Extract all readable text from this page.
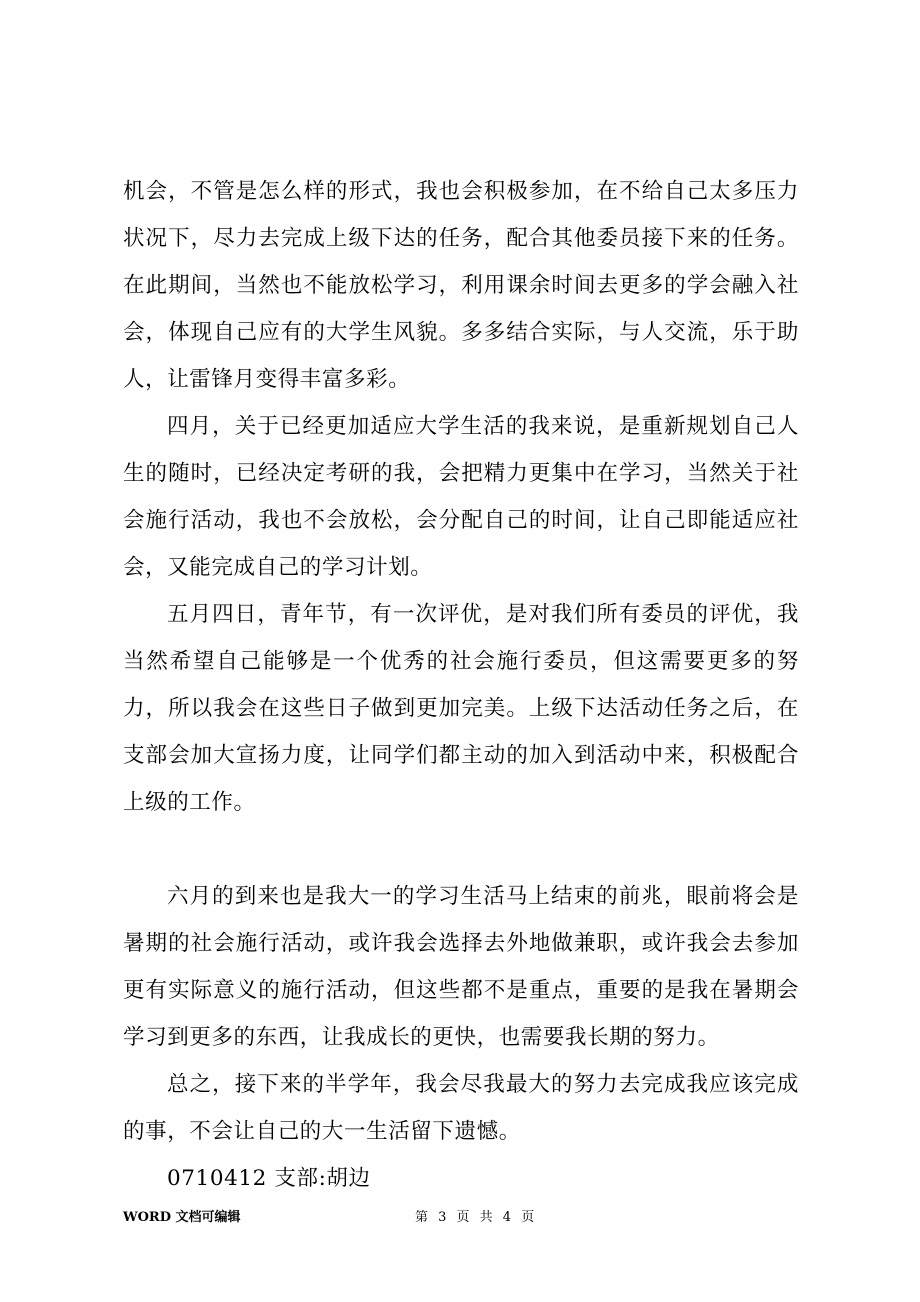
机会，不管是怎么样的形式，我也会积极参加，在不给自己太多压力状况下，尽力去完成上级下达的任务，配合其他委员接下来的任务。在此期间，当然也不能放松学习，利用课余时间去更多的学会融入社会，体现自己应有的大学生风貌。多多结合实际，与人交流，乐于助人，让雷锋月变得丰富多彩。

四月，关于已经更加适应大学生活的我来说，是重新规划自己人生的随时，已经决定考研的我，会把精力更集中在学习，当然关于社会施行活动，我也不会放松，会分配自己的时间，让自己即能适应社会，又能完成自己的学习计划。

五月四日，青年节，有一次评优，是对我们所有委员的评优，我当然希望自己能够是一个优秀的社会施行委员，但这需要更多的努力，所以我会在这些日子做到更加完美。上级下达活动任务之后，在支部会加大宣扬力度，让同学们都主动的加入到活动中来，积极配合上级的工作。

六月的到来也是我大一的学习生活马上结束的前兆，眼前将会是暑期的社会施行活动，或许我会选择去外地做兼职，或许我会去参加更有实际意义的施行活动，但这些都不是重点，重要的是我在暑期会学习到更多的东西，让我成长的更快，也需要我长期的努力。

总之，接下来的半学年，我会尽我最大的努力去完成我应该完成的事，不会让自己的大一生活留下遗憾。

0710412 支部:胡边

WORD 文档可编辑	第 3 页 共 4 页
